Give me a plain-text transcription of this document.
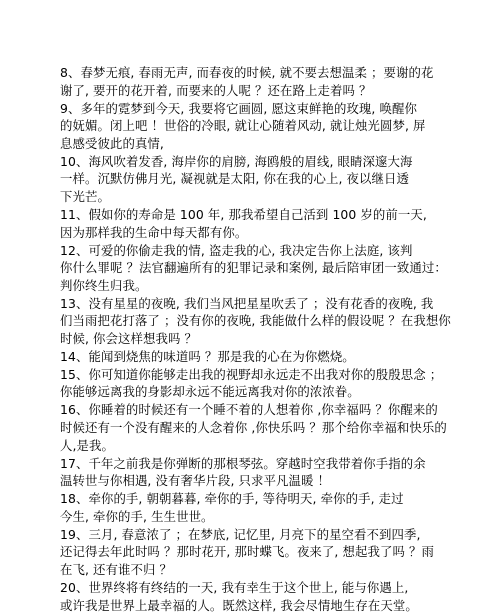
8、春梦无痕, 春雨无声, 而春夜的时候, 就不要去想温柔 ；要谢的花
谢了, 要开的花开着, 而要来的人呢 ？还在路上走着吗 ？
9、多年的霓梦到今天, 我要将它画圆, 愿这束鲜艳的玫瑰, 唤醒你
的妩媚。闭上吧 ！世俗的冷眼, 就让心随着风动, 就让烛光圆梦, 屏
息感受彼此的真情,
10、海风吹着发香, 海岸你的肩膀, 海鸥般的眉线, 眼睛深邃大海
一样。沉默仿佛月光, 凝视就是太阳, 你在我的心上, 夜以继日透
下光芒。
11、假如你的寿命是 100 年, 那我希望自己活到 100 岁的前一天,
因为那样我的生命中每天都有你。
12、可爱的你偷走我的情, 盗走我的心, 我决定告你上法庭, 该判
你什么罪呢 ？法官翻遍所有的犯罪记录和案例, 最后陪审团一致通过：
判你终生归我。
13、没有星星的夜晚, 我们当风把星星吹丢了 ；没有花香的夜晚, 我
们当雨把花打落了 ；没有你的夜晚, 我能做什么样的假设呢 ？在我想你
时候, 你会这样想我吗 ？
14、能闻到烧焦的味道吗 ？那是我的心在为你燃烧。
15、你可知道你能够走出我的视野却永远走不出我对你的殷殷思念 ；
你能够远离我的身影却永远不能远离我对你的浓浓眷。
16、你睡着的时候还有一个睡不着的人想着你 ,你幸福吗 ？你醒来的
时候还有一个没有醒来的人念着你 ,你快乐吗 ？那个给你幸福和快乐的
人,是我。
17、千年之前我是你弹断的那根琴弦。穿越时空我带着你手指的余
温转世与你相遇, 没有奢华片段, 只求平凡温暖 ！
18、牵你的手, 朝朝暮暮, 牵你的手, 等待明天, 牵你的手, 走过
今生, 牵你的手, 生生世世。
19、三月, 春意浓了 ；在梦底, 记忆里, 月亮下的星空看不到四季,
还记得去年此时吗 ？那时花开, 那时蝶飞。夜来了, 想起我了吗 ？雨
在飞, 还有谁不归 ？
20、世界终将有终结的一天, 我有幸生于这个世上, 能与你遇上,
或许我是世界上最幸福的人。既然这样, 我会尽情地生存在天堂。
